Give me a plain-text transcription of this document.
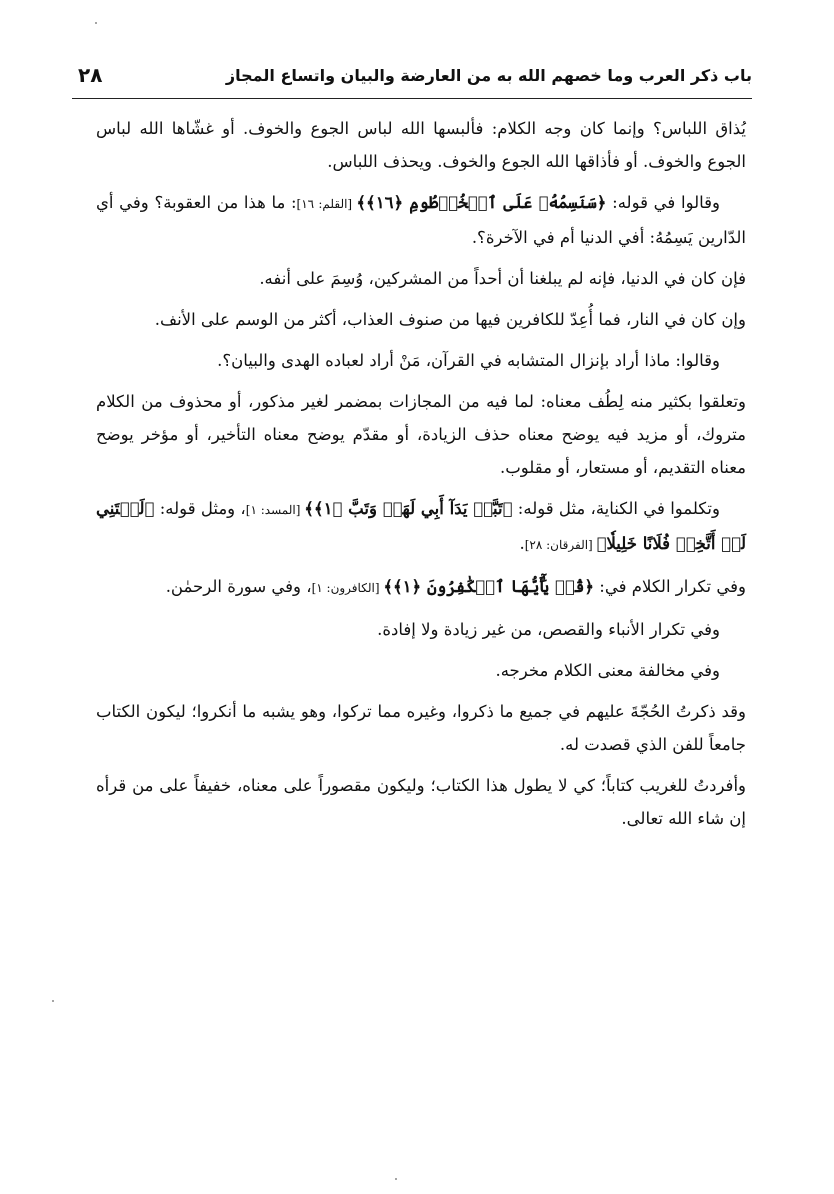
باب ذكر العرب وما خصهم الله به من العارضة والبيان واتساع المجاز
٢٨

يُذاق اللباس؟ وإنما كان وجه الكلام: فألبسها الله لباس الجوع والخوف. أو غشّاها الله لباس الجوع والخوف. أو فأذاقها الله الجوع والخوف. ويحذف اللباس.

وقالوا في قوله: ﴿سَنَسِمُهُۥ عَلَى ٱلۡخُرۡطُومِ ﴿١٦﴾﴾ [القلم: ١٦]: ما هذا من العقوبة؟ وفي أي الدّارين يَسِمُهُ: أفي الدنيا أم في الآخرة؟.

فإن كان في الدنيا، فإنه لم يبلغنا أن أحداً من المشركين، وُسِمَ على أنفه.

وإن كان في النار، فما أُعِدّ للكافرين فيها من صنوف العذاب، أكثر من الوسم على الأنف.

وقالوا: ماذا أراد بإنزال المتشابه في القرآن، مَنْ أراد لعباده الهدى والبيان؟.

وتعلقوا بكثير منه لِطُف معناه: لما فيه من المجازات بمضمر لغير مذكور، أو محذوف من الكلام متروك، أو مزيد فيه يوضح معناه حذف الزيادة، أو مقدّم يوضح معناه التأخير، أو مؤخر يوضح معناه التقديم، أو مستعار، أو مقلوب.

وتكلموا في الكناية، مثل قوله: ﴿تَبَّتۡ يَدَآ أَبِي لَهَبٖ وَتَبَّ ﴿١﴾﴾ [المسد: ١]، ومثل قوله: ﴿لَيۡتَنِي لَمۡ أَتَّخِذۡ فُلَانًا خَلِيلٗا﴾ [الفرقان: ٢٨].

وفي تكرار الكلام في: ﴿قُلۡ يَٰٓأَيُّهَا ٱلۡكَٰفِرُونَ ﴿١﴾﴾ [الكافرون: ١]، وفي سورة الرحمٰن.

وفي تكرار الأنباء والقصص، من غير زيادة ولا إفادة.

وفي مخالفة معنى الكلام مخرجه.

وقد ذكرتُ الحُجّةَ عليهم في جميع ما ذكروا، وغيره مما تركوا، وهو يشبه ما أنكروا؛ ليكون الكتاب جامعاً للفن الذي قصدت له.

وأفردتُ للغريب كتاباً؛ كي لا يطول هذا الكتاب؛ وليكون مقصوراً على معناه، خفيفاً على من قرأه إن شاء الله تعالى.
